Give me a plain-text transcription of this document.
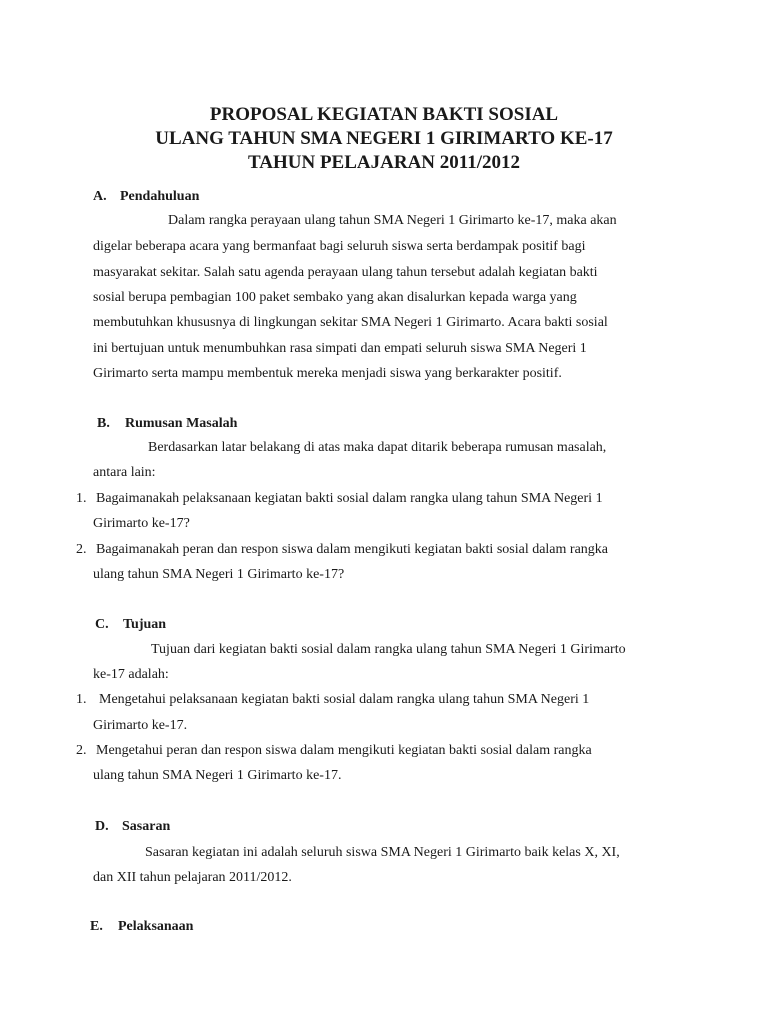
PROPOSAL KEGIATAN BAKTI SOSIAL
ULANG TAHUN SMA NEGERI 1 GIRIMARTO KE-17
TAHUN PELAJARAN 2011/2012
A. Pendahuluan
Dalam rangka perayaan ulang tahun SMA Negeri 1 Girimarto ke-17, maka akan
digelar beberapa acara yang bermanfaat bagi seluruh siswa serta berdampak positif bagi
masyarakat sekitar. Salah satu agenda perayaan ulang tahun tersebut adalah kegiatan bakti
sosial berupa pembagian 100 paket sembako yang akan disalurkan kepada warga yang
membutuhkan khususnya di lingkungan sekitar SMA Negeri 1 Girimarto. Acara bakti sosial
ini bertujuan untuk menumbuhkan rasa simpati dan empati seluruh siswa SMA Negeri 1
Girimarto serta mampu membentuk mereka menjadi siswa yang berkarakter positif.
B. Rumusan Masalah
Berdasarkan latar belakang di atas maka dapat ditarik beberapa rumusan masalah,
antara lain:
1. Bagaimanakah pelaksanaan kegiatan bakti sosial dalam rangka ulang tahun SMA Negeri 1
Girimarto ke-17?
2. Bagaimanakah peran dan respon siswa dalam mengikuti kegiatan bakti sosial dalam rangka
ulang tahun SMA Negeri 1 Girimarto ke-17?
C. Tujuan
Tujuan dari kegiatan bakti sosial dalam rangka ulang tahun SMA Negeri 1 Girimarto
ke-17 adalah:
1. Mengetahui pelaksanaan kegiatan bakti sosial dalam rangka ulang tahun SMA Negeri 1
Girimarto ke-17.
2. Mengetahui peran dan respon siswa dalam mengikuti kegiatan bakti sosial dalam rangka
ulang tahun SMA Negeri 1 Girimarto ke-17.
D. Sasaran
Sasaran kegiatan ini adalah seluruh siswa SMA Negeri 1 Girimarto baik kelas X, XI,
dan XII tahun pelajaran 2011/2012.
E. Pelaksanaan
